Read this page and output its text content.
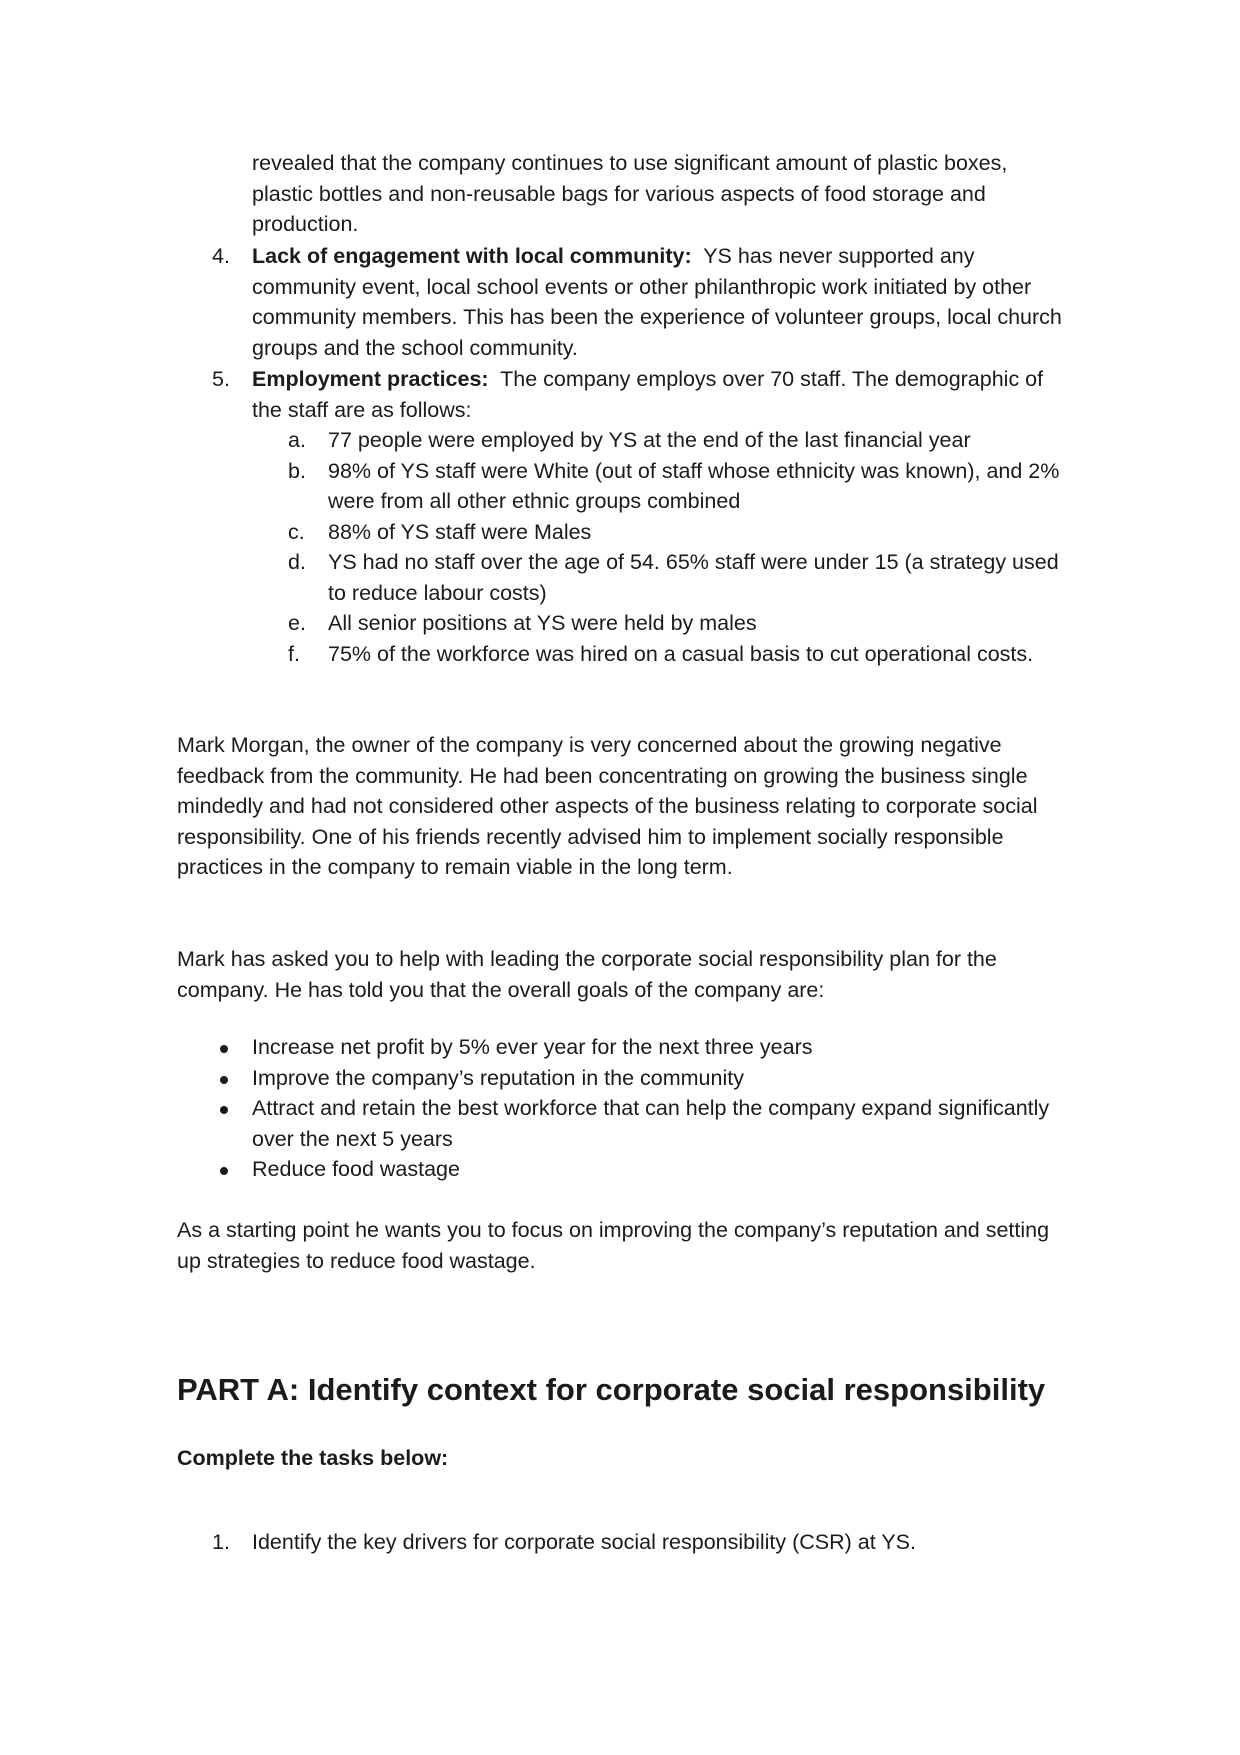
revealed that the company continues to use significant amount of plastic boxes, plastic bottles and non-reusable bags for various aspects of food storage and production.

4.	Lack of engagement with local community: YS has never supported any community event, local school events or other philanthropic work initiated by other community members. This has been the experience of volunteer groups, local church groups and the school community.
5.	Employment practices: The company employs over 70 staff. The demographic of the staff are as follows:
a. 77 people were employed by YS at the end of the last financial year
b. 98% of YS staff were White (out of staff whose ethnicity was known), and 2% were from all other ethnic groups combined
c. 88% of YS staff were Males
d. YS had no staff over the age of 54. 65% staff were under 15 (a strategy used to reduce labour costs)
e. All senior positions at YS were held by males
f. 75% of the workforce was hired on a casual basis to cut operational costs.

Mark Morgan, the owner of the company is very concerned about the growing negative feedback from the community. He had been concentrating on growing the business single mindedly and had not considered other aspects of the business relating to corporate social responsibility. One of his friends recently advised him to implement socially responsible practices in the company to remain viable in the long term.

Mark has asked you to help with leading the corporate social responsibility plan for the company. He has told you that the overall goals of the company are:

Increase net profit by 5% ever year for the next three years
Improve the company’s reputation in the community
Attract and retain the best workforce that can help the company expand significantly over the next 5 years
Reduce food wastage

As a starting point he wants you to focus on improving the company’s reputation and setting up strategies to reduce food wastage.

PART A: Identify context for corporate social responsibility

Complete the tasks below:

1.	Identify the key drivers for corporate social responsibility (CSR) at YS.
